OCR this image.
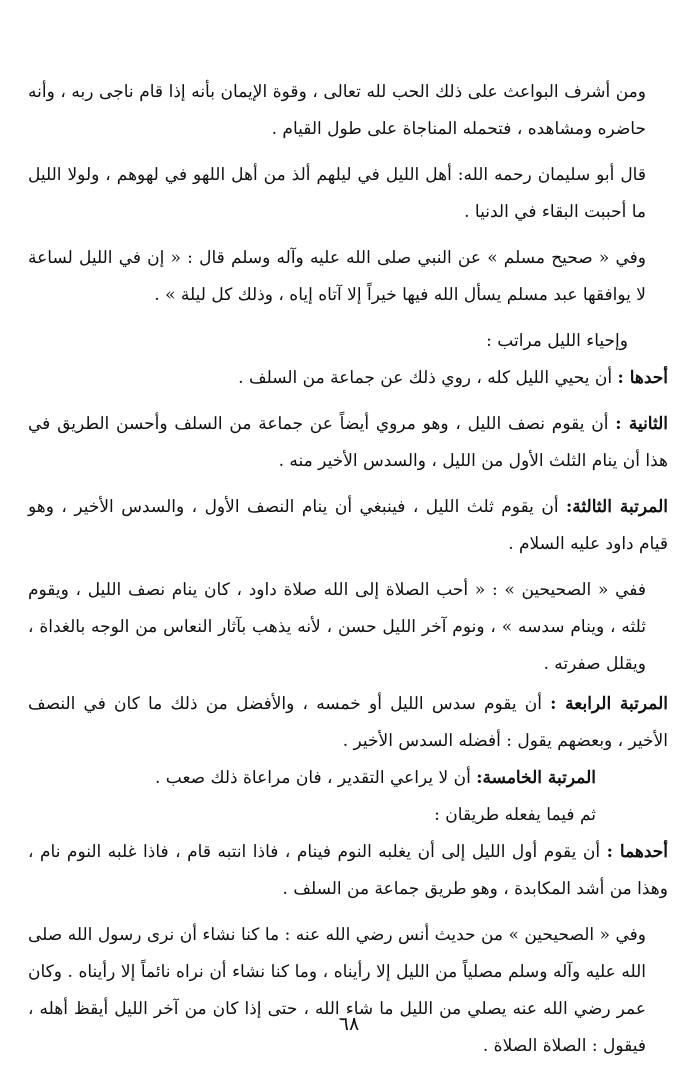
ومن أشرف البواعث على ذلك الحب لله تعالى ، وقوة الإيمان بأنه إذا قام ناجى ربه ، وأنه حاضره ومشاهده ، فتحمله المناجاة على طول القيام .

قال أبو سليمان رحمه الله: أهل الليل في ليلهم ألذ من أهل اللهو في لهوهم ، ولولا الليل ما أحببت البقاء في الدنيا .

وفي « صحيح مسلم » عن النبي صلى الله عليه وآله وسلم قال : « إن في الليل لساعة لا يوافقها عبد مسلم يسأل الله فيها خيراً إلا آتاه إياه ، وذلك كل ليلة » .

وإحياء الليل مراتب :

أحدها : أن يحيي الليل كله ، روي ذلك عن جماعة من السلف .

الثانية : أن يقوم نصف الليل ، وهو مروي أيضاً عن جماعة من السلف وأحسن الطريق في هذا أن ينام الثلث الأول من الليل ، والسدس الأخير منه .

المرتبة الثالثة: أن يقوم ثلث الليل ، فينبغي أن ينام النصف الأول ، والسدس الأخير ، وهو قيام داود عليه السلام .

ففي « الصحيحين » : « أحب الصلاة إلى الله صلاة داود ، كان ينام نصف الليل ، ويقوم ثلثه ، وينام سدسه » ، ونوم آخر الليل حسن ، لأنه يذهب بآثار النعاس من الوجه بالغداة ، ويقلل صفرته .

المرتبة الرابعة : أن يقوم سدس الليل أو خمسه ، والأفضل من ذلك ما كان في النصف الأخير ، وبعضهم يقول : أفضله السدس الأخير .

المرتبة الخامسة: أن لا يراعي التقدير ، فان مراعاة ذلك صعب .

ثم فيما يفعله طريقان :

أحدهما : أن يقوم أول الليل إلى أن يغلبه النوم فينام ، فاذا انتبه قام ، فاذا غلبه النوم نام ، وهذا من أشد المكابدة ، وهو طريق جماعة من السلف .

وفي « الصحيحين » من حديث أنس رضي الله عنه : ما كنا نشاء أن نرى رسول الله صلى الله عليه وآله وسلم مصلياً من الليل إلا رأيناه ، وما كنا نشاء أن نراه نائماً إلا رأيناه . وكان عمر رضي الله عنه يصلي من الليل ما شاء الله ، حتى إذا كان من آخر الليل أيقظ أهله ، فيقول : الصلاة الصلاة .

٦٨
